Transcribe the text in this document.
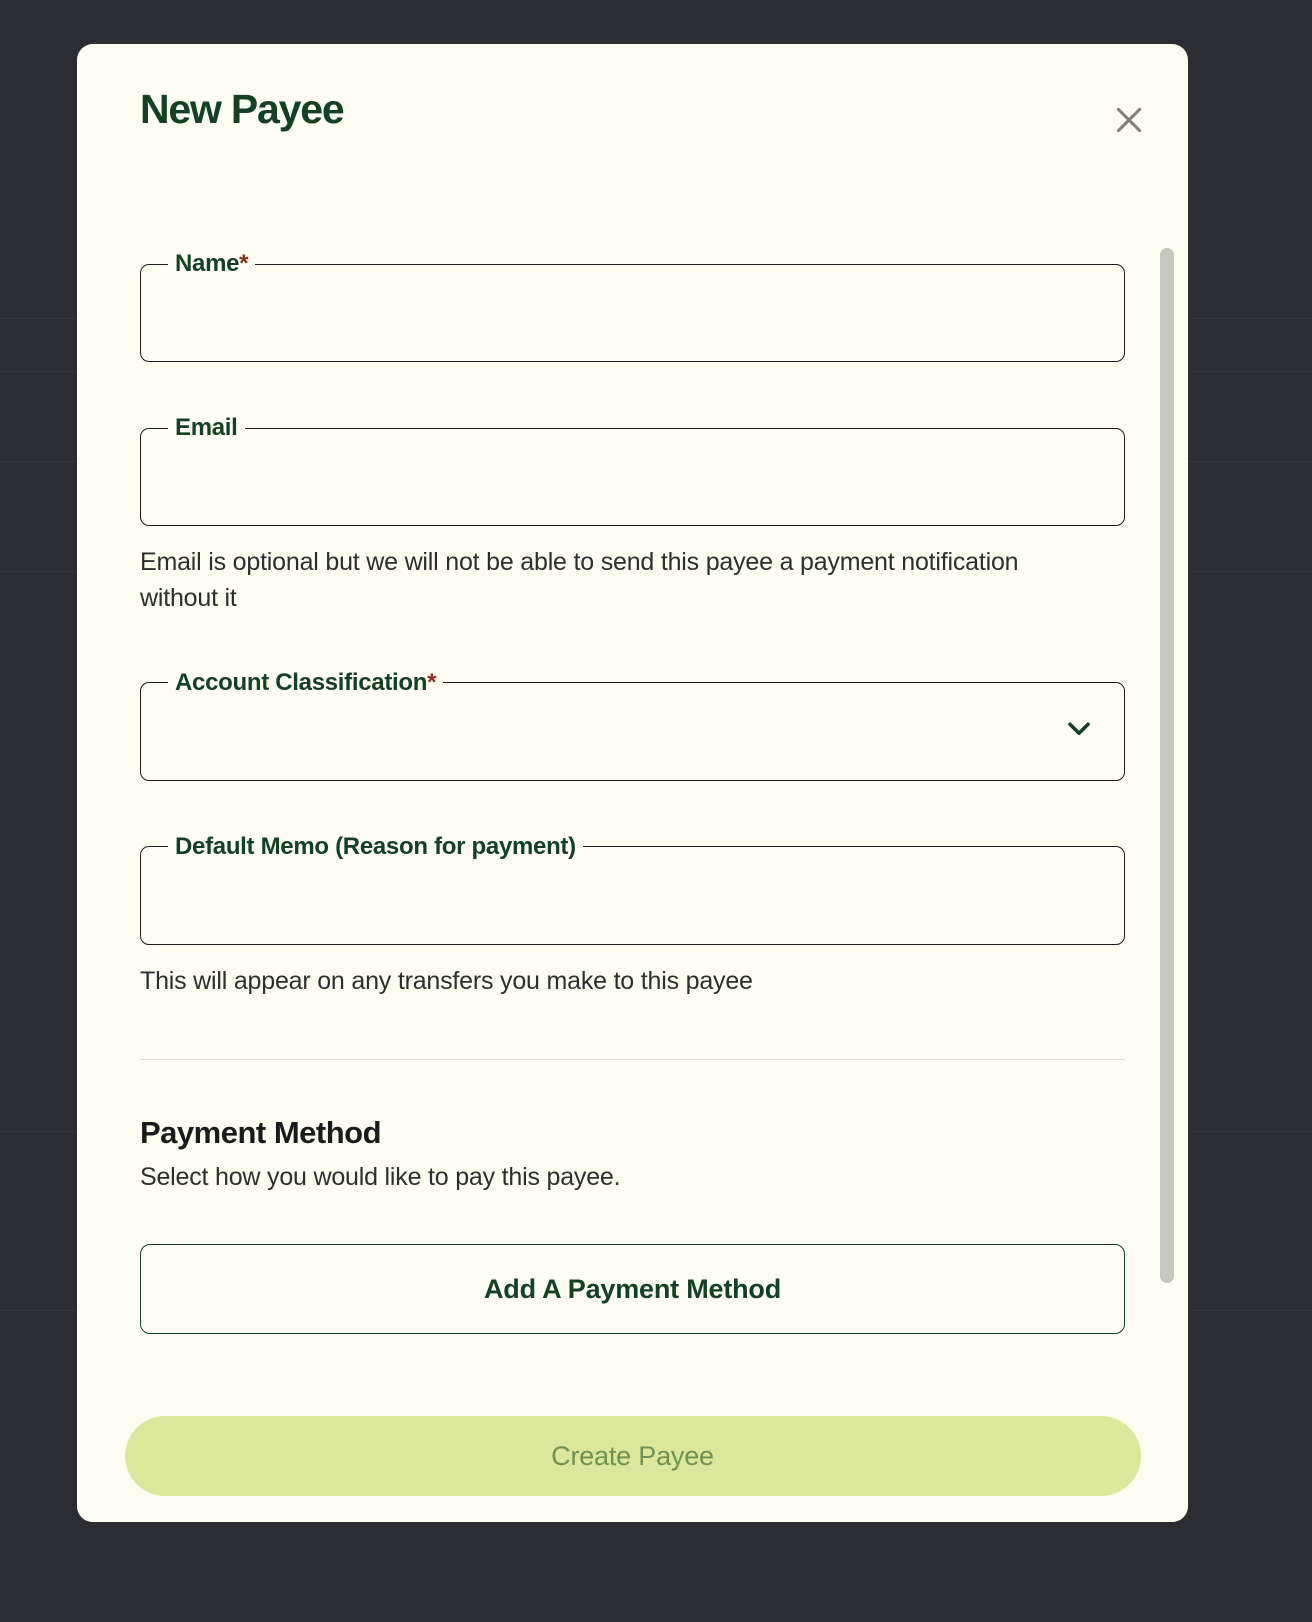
New Payee
Name*
Email
Email is optional but we will not be able to send this payee a payment notification without it
Account Classification*
Default Memo (Reason for payment)
This will appear on any transfers you make to this payee
Payment Method
Select how you would like to pay this payee.
Add A Payment Method
Create Payee
